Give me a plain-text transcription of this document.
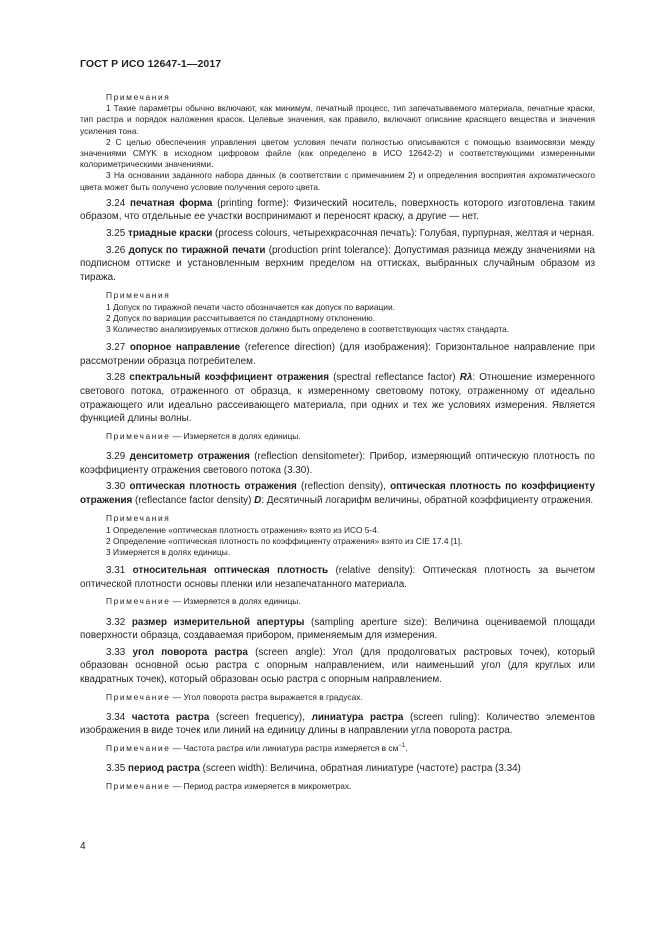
ГОСТ Р ИСО 12647-1—2017

Примечания

1 Такие параметры обычно включают, как минимум, печатный процесс, тип запечатываемого материала, печатные краски, тип растра и порядок наложения красок. Целевые значения, как правило, включают описание красящего вещества и значения усиления тона.

2 С целью обеспечения управления цветом условия печати полностью описываются с помощью взаимосвязи между значениями CMYK в исходном цифровом файле (как определено в ИСО 12642-2) и соответствующими измеренными колориметрическими значениями.

3 На основании заданного набора данных (в соответствии с примечанием 2) и определения восприятия ахроматического цвета может быть получено условие получения серого цвета.

3.24 печатная форма (printing forme): Физический носитель, поверхность которого изготовлена таким образом, что отдельные ее участки воспринимают и переносят краску, а другие — нет.

3.25 триадные краски (process colours, четырехкрасочная печать): Голубая, пурпурная, желтая и черная.

3.26 допуск по тиражной печати (production print tolerance): Допустимая разница между значениями на подписном оттиске и установленным верхним пределом на оттисках, выбранных случайным образом из тиража.

Примечания

1 Допуск по тиражной печати часто обозначается как допуск по вариации.

2 Допуск по вариации рассчитывается по стандартному отклонению.

3 Количество анализируемых оттисков должно быть определено в соответствующих частях стандарта.

3.27 опорное направление (reference direction) (для изображения): Горизонтальное направление при рассмотрении образца потребителем.

3.28 спектральный коэффициент отражения (spectral reflectance factor) Rλ: Отношение измеренного светового потока, отраженного от образца, к измеренному световому потоку, отраженному от идеально отражающего или идеально рассеивающего материала, при одних и тех же условиях измерения. Является функцией длины волны.

Примечание — Измеряется в долях единицы.

3.29 денситометр отражения (reflection densitometer): Прибор, измеряющий оптическую плотность по коэффициенту отражения светового потока (3.30).

3.30 оптическая плотность отражения (reflection density), оптическая плотность по коэффициенту отражения (reflectance factor density) D: Десятичный логарифм величины, обратной коэффициенту отражения.

Примечания

1 Определение «оптическая плотность отражения» взято из ИСО 5-4.

2 Определение «оптическая плотность по коэффициенту отражения» взято из CIE 17.4 [1].

3 Измеряется в долях единицы.

3.31 относительная оптическая плотность (relative density): Оптическая плотность за вычетом оптической плотности основы пленки или незапечатанного материала.

Примечание — Измеряется в долях единицы.

3.32 размер измерительной апертуры (sampling aperture size): Величина оцениваемой площади поверхности образца, создаваемая прибором, применяемым для измерения.

3.33 угол поворота растра (screen angle): Угол (для продолговатых растровых точек), который образован основной осью растра с опорным направлением, или наименьший угол (для круглых или квадратных точек), который образован осью растра с опорным направлением.

Примечание — Угол поворота растра выражается в градусах.

3.34 частота растра (screen frequency), линиатура растра (screen ruling): Количество элементов изображения в виде точек или линий на единицу длины в направлении угла поворота растра.

Примечание — Частота растра или линиатура растра измеряется в $см^{-1}$.

3.35 период растра (screen width): Величина, обратная линиатуре (частоте) растра (3.34)

Примечание — Период растра измеряется в микрометрах.

4
